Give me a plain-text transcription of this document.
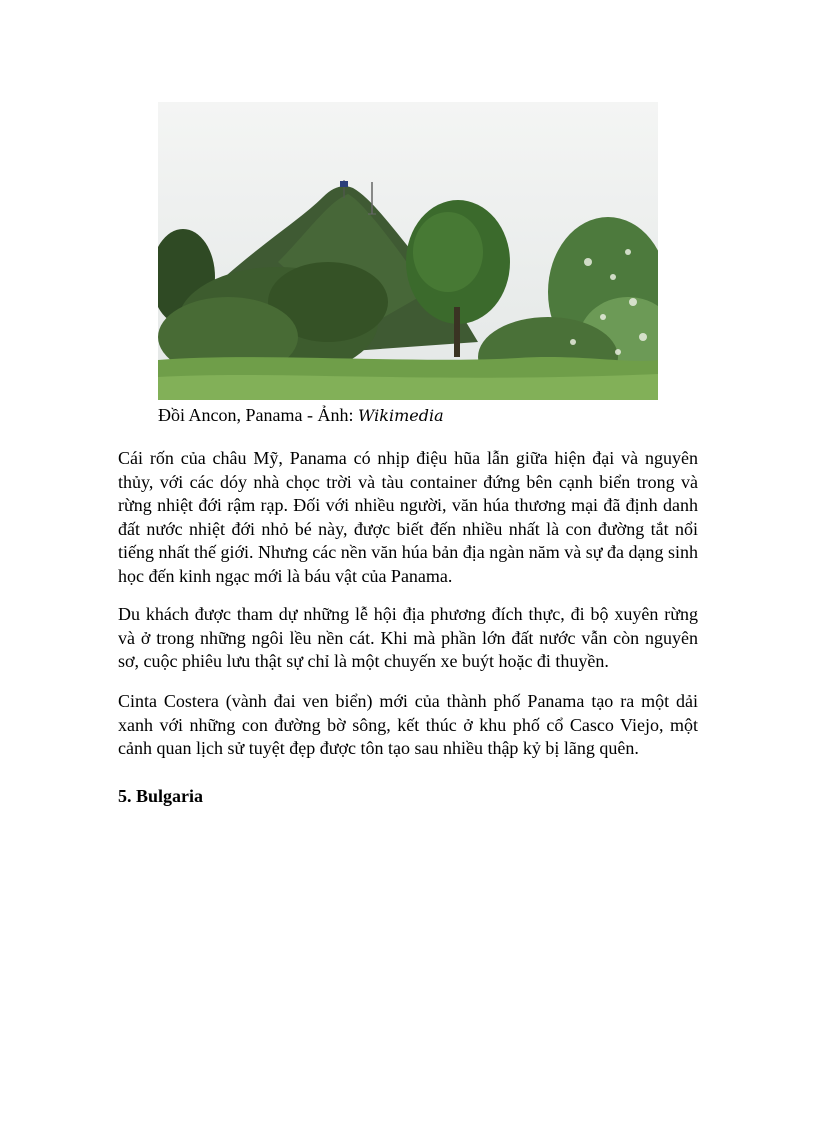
Đồi Ancon, Panama - Ảnh: Wikimedia

Cái rốn của châu Mỹ, Panama có nhịp điệu hũa lẫn giữa hiện đại và nguyên thủy, với các dóy nhà chọc trời và tàu container đứng bên cạnh biển trong và rừng nhiệt đới rậm rạp. Đối với nhiều người, văn húa thương mại đã định danh đất nước nhiệt đới nhỏ bé này, được biết đến nhiều nhất là con đường tắt nổi tiếng nhất thế giới. Nhưng các nền văn húa bản địa ngàn năm và sự đa dạng sinh học đến kinh ngạc mới là báu vật của Panama.

Du khách được tham dự những lễ hội địa phương đích thực, đi bộ xuyên rừng và ở trong những ngôi lều nền cát. Khi mà phần lớn đất nước vẫn còn nguyên sơ, cuộc phiêu lưu thật sự chỉ là một chuyến xe buýt hoặc đi thuyền.

Cinta Costera (vành đai ven biển) mới của thành phố Panama tạo ra một dải xanh với những con đường bờ sông, kết thúc ở khu phố cổ Casco Viejo, một cảnh quan lịch sử tuyệt đẹp được tôn tạo sau nhiều thập kỷ bị lãng quên.

5. Bulgaria
